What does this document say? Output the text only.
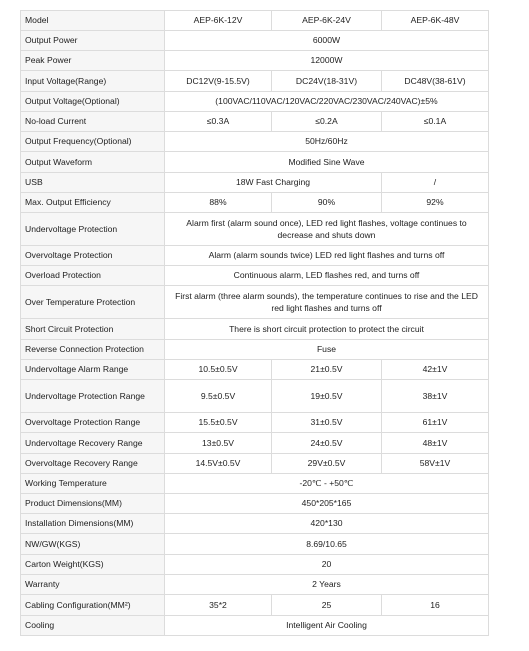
Model	AEP-6K-12V	AEP-6K-24V	AEP-6K-48V
Output Power	6000W		
Peak Power	12000W		
Input Voltage(Range)	DC12V(9-15.5V)	DC24V(18-31V)	DC48V(38-61V)
Output Voltage(Optional)	(100VAC/110VAC/120VAC/220VAC/230VAC/240VAC)±5%		
No-load Current	≤0.3A	≤0.2A	≤0.1A
Output Frequency(Optional)	50Hz/60Hz		
Output Waveform	Modified Sine Wave		
USB	18W Fast Charging		/
Max. Output Efficiency	88%	90%	92%
Undervoltage Protection	Alarm first (alarm sound once), LED red light flashes, voltage continues to decrease and shuts down		
Overvoltage Protection	Alarm (alarm sounds twice) LED red light flashes and turns off		
Overload Protection	Continuous alarm, LED flashes red, and turns off		
Over Temperature Protection	First alarm (three alarm sounds), the temperature continues to rise and the LED red light flashes and turns off		
Short Circuit Protection	There is short circuit protection to protect the circuit		
Reverse Connection Protection	Fuse		
Undervoltage Alarm Range	10.5±0.5V	21±0.5V	42±1V
Undervoltage Protection Range	9.5±0.5V	19±0.5V	38±1V
Overvoltage Protection Range	15.5±0.5V	31±0.5V	61±1V
Undervoltage Recovery Range	13±0.5V	24±0.5V	48±1V
Overvoltage Recovery Range	14.5V±0.5V	29V±0.5V	58V±1V
Working Temperature	-20℃ - +50℃		
Product Dimensions(MM)	450*205*165		
Installation Dimensions(MM)	420*130		
NW/GW(KGS)	8.69/10.65		
Carton Weight(KGS)	20		
Warranty	2 Years		
Cabling Configuration(MM²)	35*2	25	16
Cooling	Intelligent Air Cooling		
